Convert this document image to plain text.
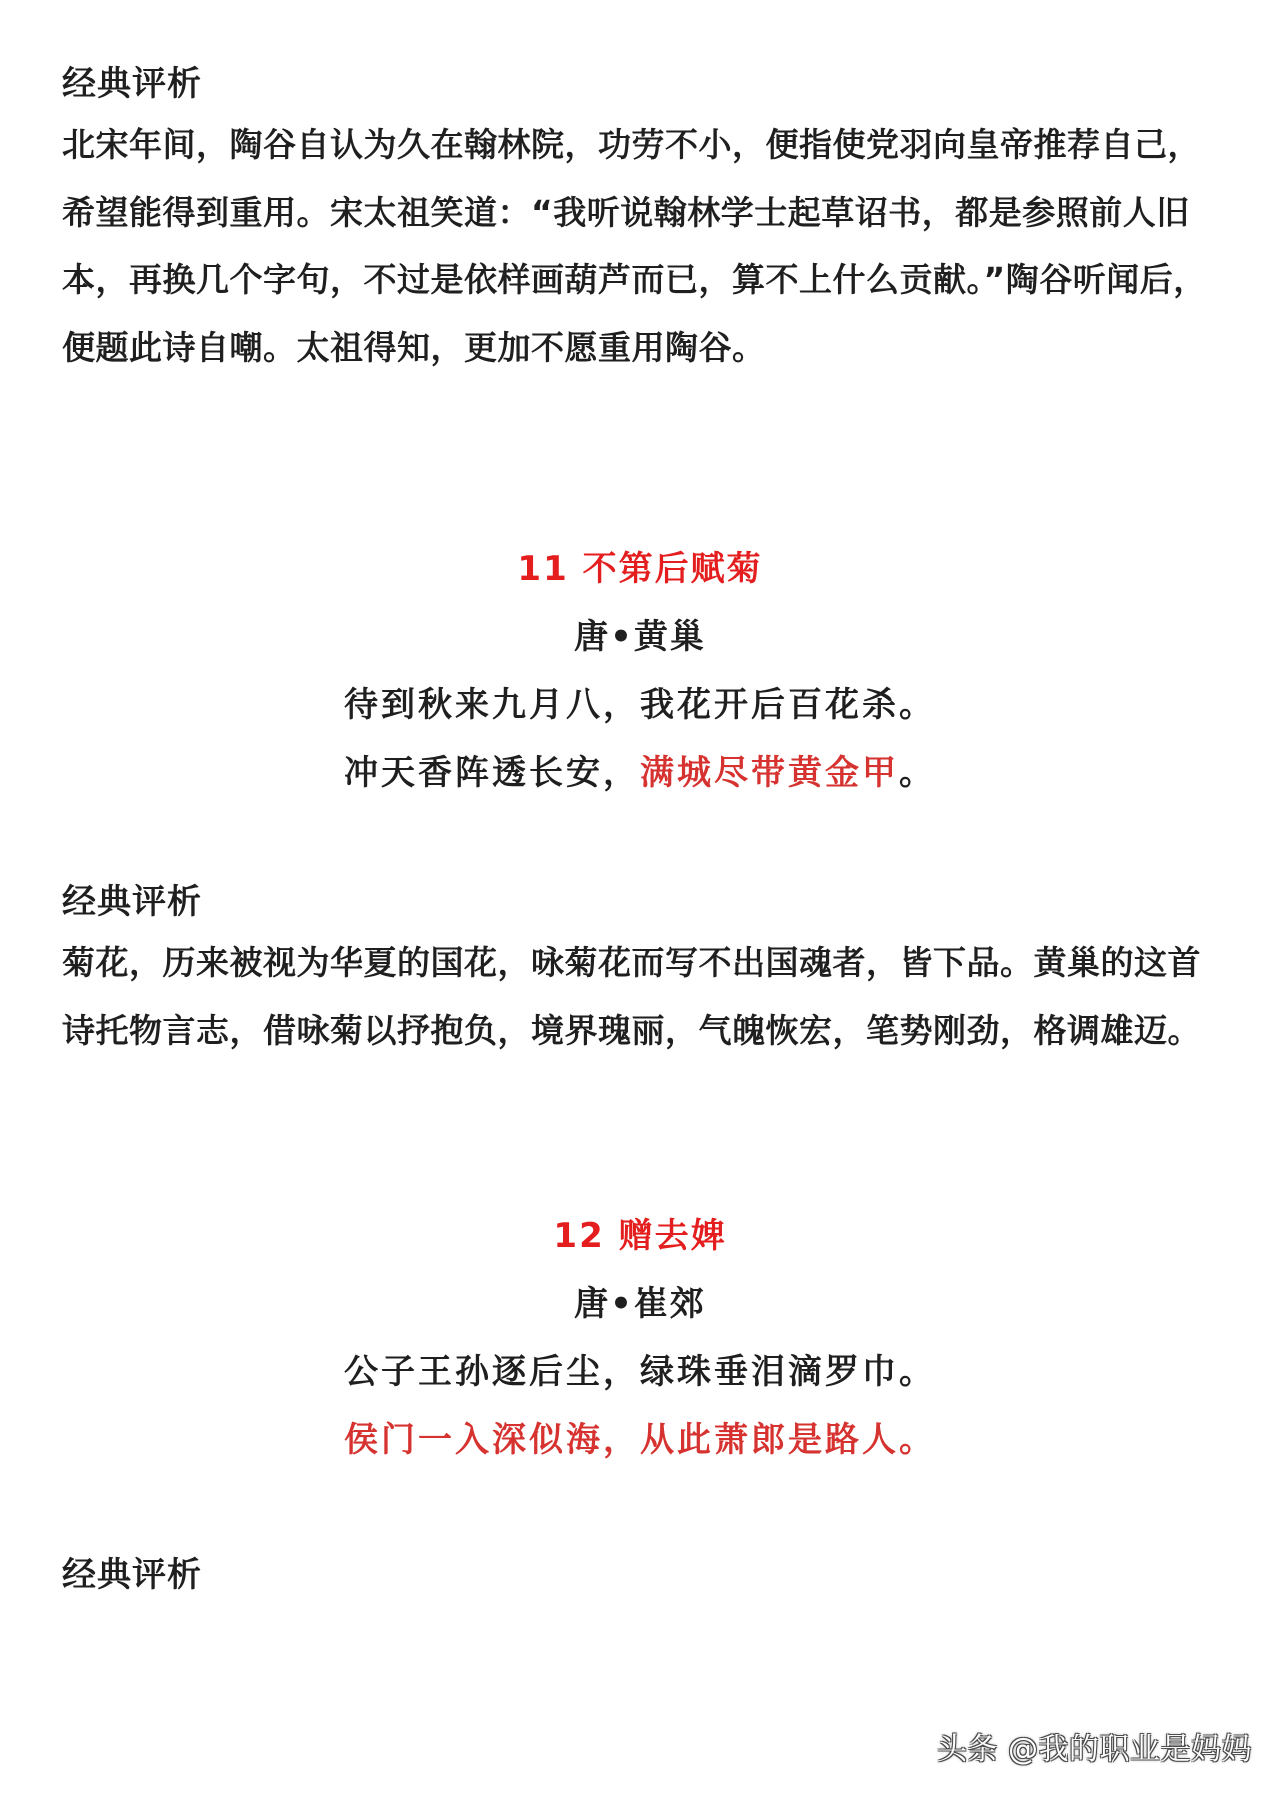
经典评析
北宋年间，陶谷自认为久在翰林院，功劳不小，便指使党羽向皇帝推荐自己，
希望能得到重用。宋太祖笑道：“我听说翰林学士起草诏书，都是参照前人旧
本，再换几个字句，不过是依样画葫芦而已，算不上什么贡献。”陶谷听闻后，
便题此诗自嘲。太祖得知，更加不愿重用陶谷。
11 不第后赋菊
唐•黄巢
待到秋来九月八，我花开后百花杀。
冲天香阵透长安，满城尽带黄金甲。
经典评析
菊花，历来被视为华夏的国花，咏菊花而写不出国魂者，皆下品。黄巢的这首
诗托物言志，借咏菊以抒抱负，境界瑰丽，气魄恢宏，笔势刚劲，格调雄迈。
12 赠去婢
唐•崔郊
公子王孙逐后尘，绿珠垂泪滴罗巾。
侯门一入深似海，从此萧郎是路人。
经典评析
头条 @我的职业是妈妈
